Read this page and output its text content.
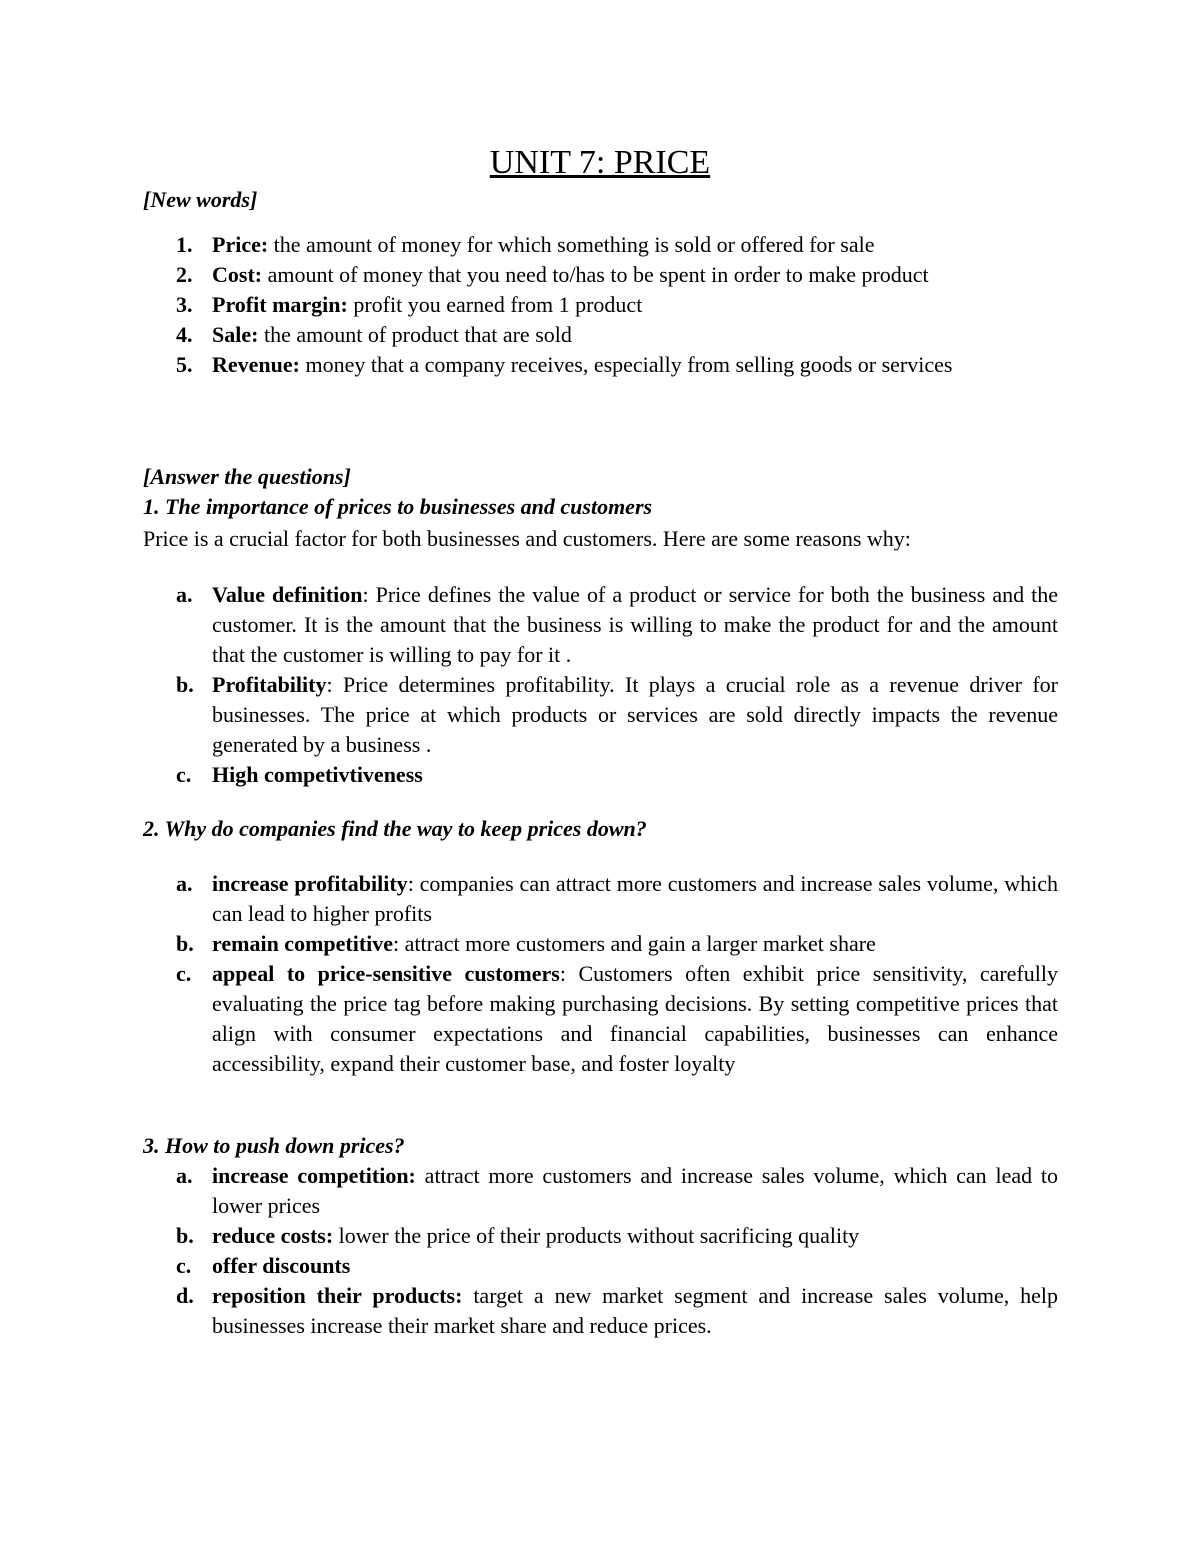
UNIT 7: PRICE
[New words]
1. Price: the amount of money for which something is sold or offered for sale
2. Cost: amount of money that you need to/has to be spent in order to make product
3. Profit margin: profit you earned from 1 product
4. Sale: the amount of product that are sold
5. Revenue: money that a company receives, especially from selling goods or services
[Answer the questions]
1. The importance of prices to businesses and customers
Price is a crucial factor for both businesses and customers. Here are some reasons why:
a. Value definition: Price defines the value of a product or service for both the business and the customer. It is the amount that the business is willing to make the product for and the amount that the customer is willing to pay for it .
b. Profitability: Price determines profitability. It plays a crucial role as a revenue driver for businesses. The price at which products or services are sold directly impacts the revenue generated by a business .
c. High competivtiveness
2. Why do companies find the way to keep prices down?
a. increase profitability: companies can attract more customers and increase sales volume, which can lead to higher profits
b. remain competitive: attract more customers and gain a larger market share
c. appeal to price-sensitive customers: Customers often exhibit price sensitivity, carefully evaluating the price tag before making purchasing decisions. By setting competitive prices that align with consumer expectations and financial capabilities, businesses can enhance accessibility, expand their customer base, and foster loyalty
3. How to push down prices?
a. increase competition: attract more customers and increase sales volume, which can lead to lower prices
b. reduce costs: lower the price of their products without sacrificing quality
c. offer discounts
d. reposition their products: target a new market segment and increase sales volume, help businesses increase their market share and reduce prices.
